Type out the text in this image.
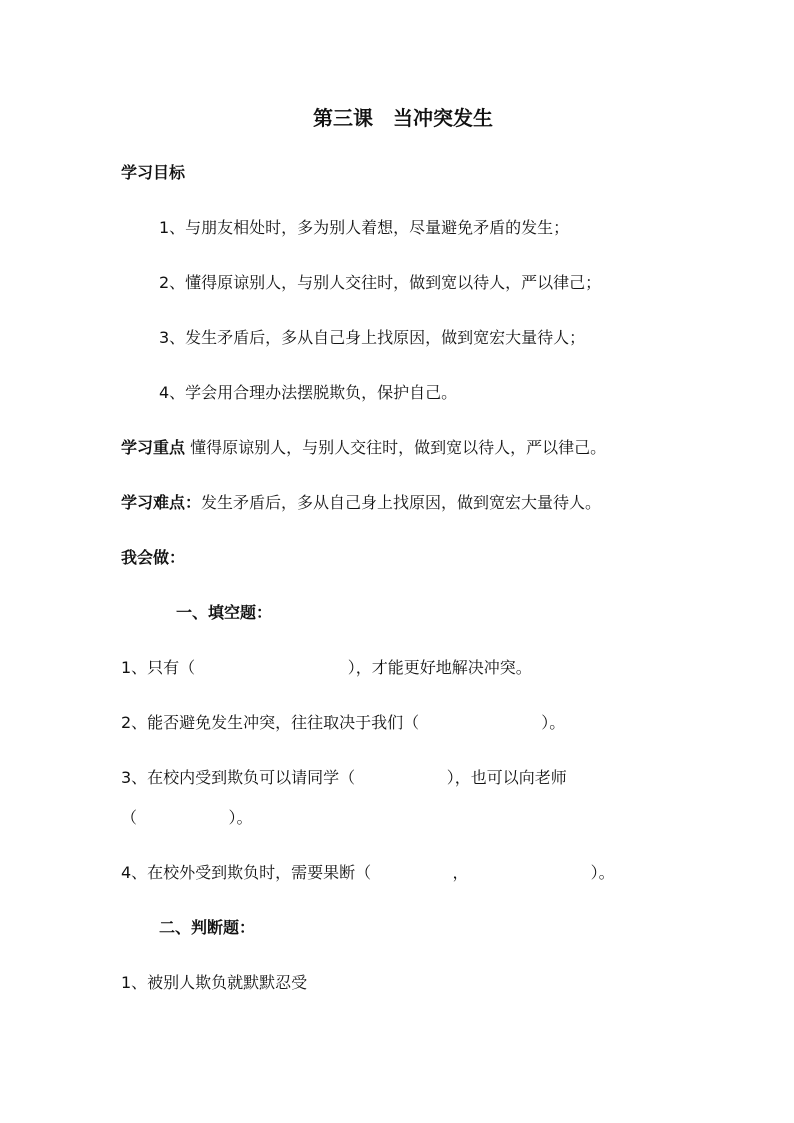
第三课　当冲突发生
学习目标
1、与朋友相处时，多为别人着想，尽量避免矛盾的发生；
2、懂得原谅别人，与别人交往时，做到宽以待人，严以律己；
3、发生矛盾后，多从自己身上找原因，做到宽宏大量待人；
4、学会用合理办法摆脱欺负，保护自己。
学习重点 懂得原谅别人，与别人交往时，做到宽以待人，严以律己。
学习难点：发生矛盾后，多从自己身上找原因，做到宽宏大量待人。
我会做：
一、填空题：
1、只有（                              ），才能更好地解决冲突。
2、能否避免发生冲突，往往取决于我们（                        ）。
3、在校内受到欺负可以请同学（                  ），也可以向老师
（                  ）。
4、在校外受到欺负时，需要果断（                ，                        ）。
二、判断题：
1、被别人欺负就默默忍受
